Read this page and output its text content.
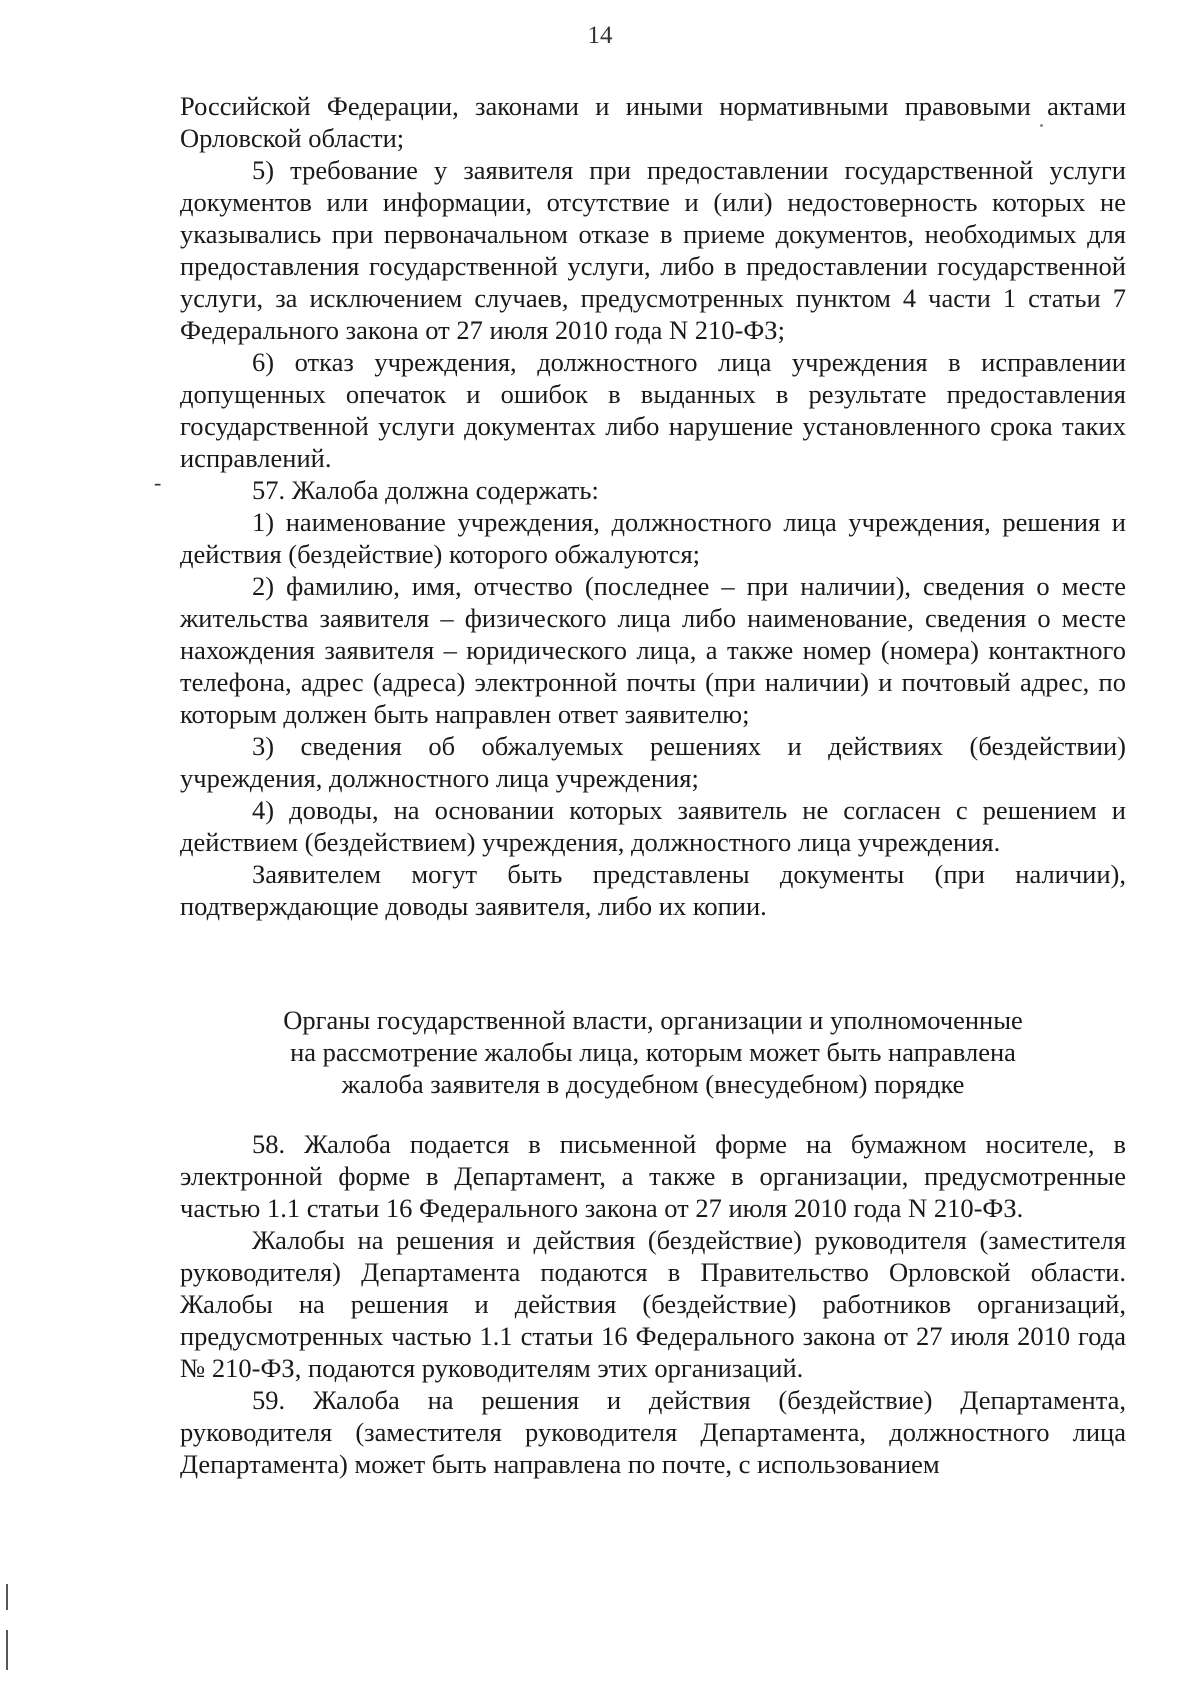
14
-

Российской Федерации, законами и иными нормативными правовыми актами Орловской области;

5) требование у заявителя при предоставлении государственной услуги документов или информации, отсутствие и (или) недостоверность которых не указывались при первоначальном отказе в приеме документов, необходимых для предоставления государственной услуги, либо в предоставлении государственной услуги, за исключением случаев, предусмотренных пунктом 4 части 1 статьи 7 Федерального закона от 27 июля 2010 года N 210-ФЗ;

6) отказ учреждения, должностного лица учреждения в исправлении допущенных опечаток и ошибок в выданных в результате предоставления государственной услуги документах либо нарушение установленного срока таких исправлений.

57. Жалоба должна содержать:

1) наименование учреждения, должностного лица учреждения, решения и действия (бездействие) которого обжалуются;

2) фамилию, имя, отчество (последнее – при наличии), сведения о месте жительства заявителя – физического лица либо наименование, сведения о месте нахождения заявителя – юридического лица, а также номер (номера) контактного телефона, адрес (адреса) электронной почты (при наличии) и почтовый адрес, по которым должен быть направлен ответ заявителю;

3) сведения об обжалуемых решениях и действиях (бездействии) учреждения, должностного лица учреждения;

4) доводы, на основании которых заявитель не согласен с решением и действием (бездействием) учреждения, должностного лица учреждения.

Заявителем могут быть представлены документы (при наличии), подтверждающие доводы заявителя, либо их копии.

Органы государственной власти, организации и уполномоченные
на рассмотрение жалобы лица, которым может быть направлена
жалоба заявителя в досудебном (внесудебном) порядке

58. Жалоба подается в письменной форме на бумажном носителе, в электронной форме в Департамент, а также в организации, предусмотренные частью 1.1 статьи 16 Федерального закона от 27 июля 2010 года N 210-ФЗ.

Жалобы на решения и действия (бездействие) руководителя (заместителя руководителя) Департамента подаются в Правительство Орловской области. Жалобы на решения и действия (бездействие) работников организаций, предусмотренных частью 1.1 статьи 16 Федерального закона от 27 июля 2010 года № 210-ФЗ, подаются руководителям этих организаций.

59. Жалоба на решения и действия (бездействие) Департамента, руководителя (заместителя руководителя Департамента, должностного лица Департамента) может быть направлена по почте, с использованием
